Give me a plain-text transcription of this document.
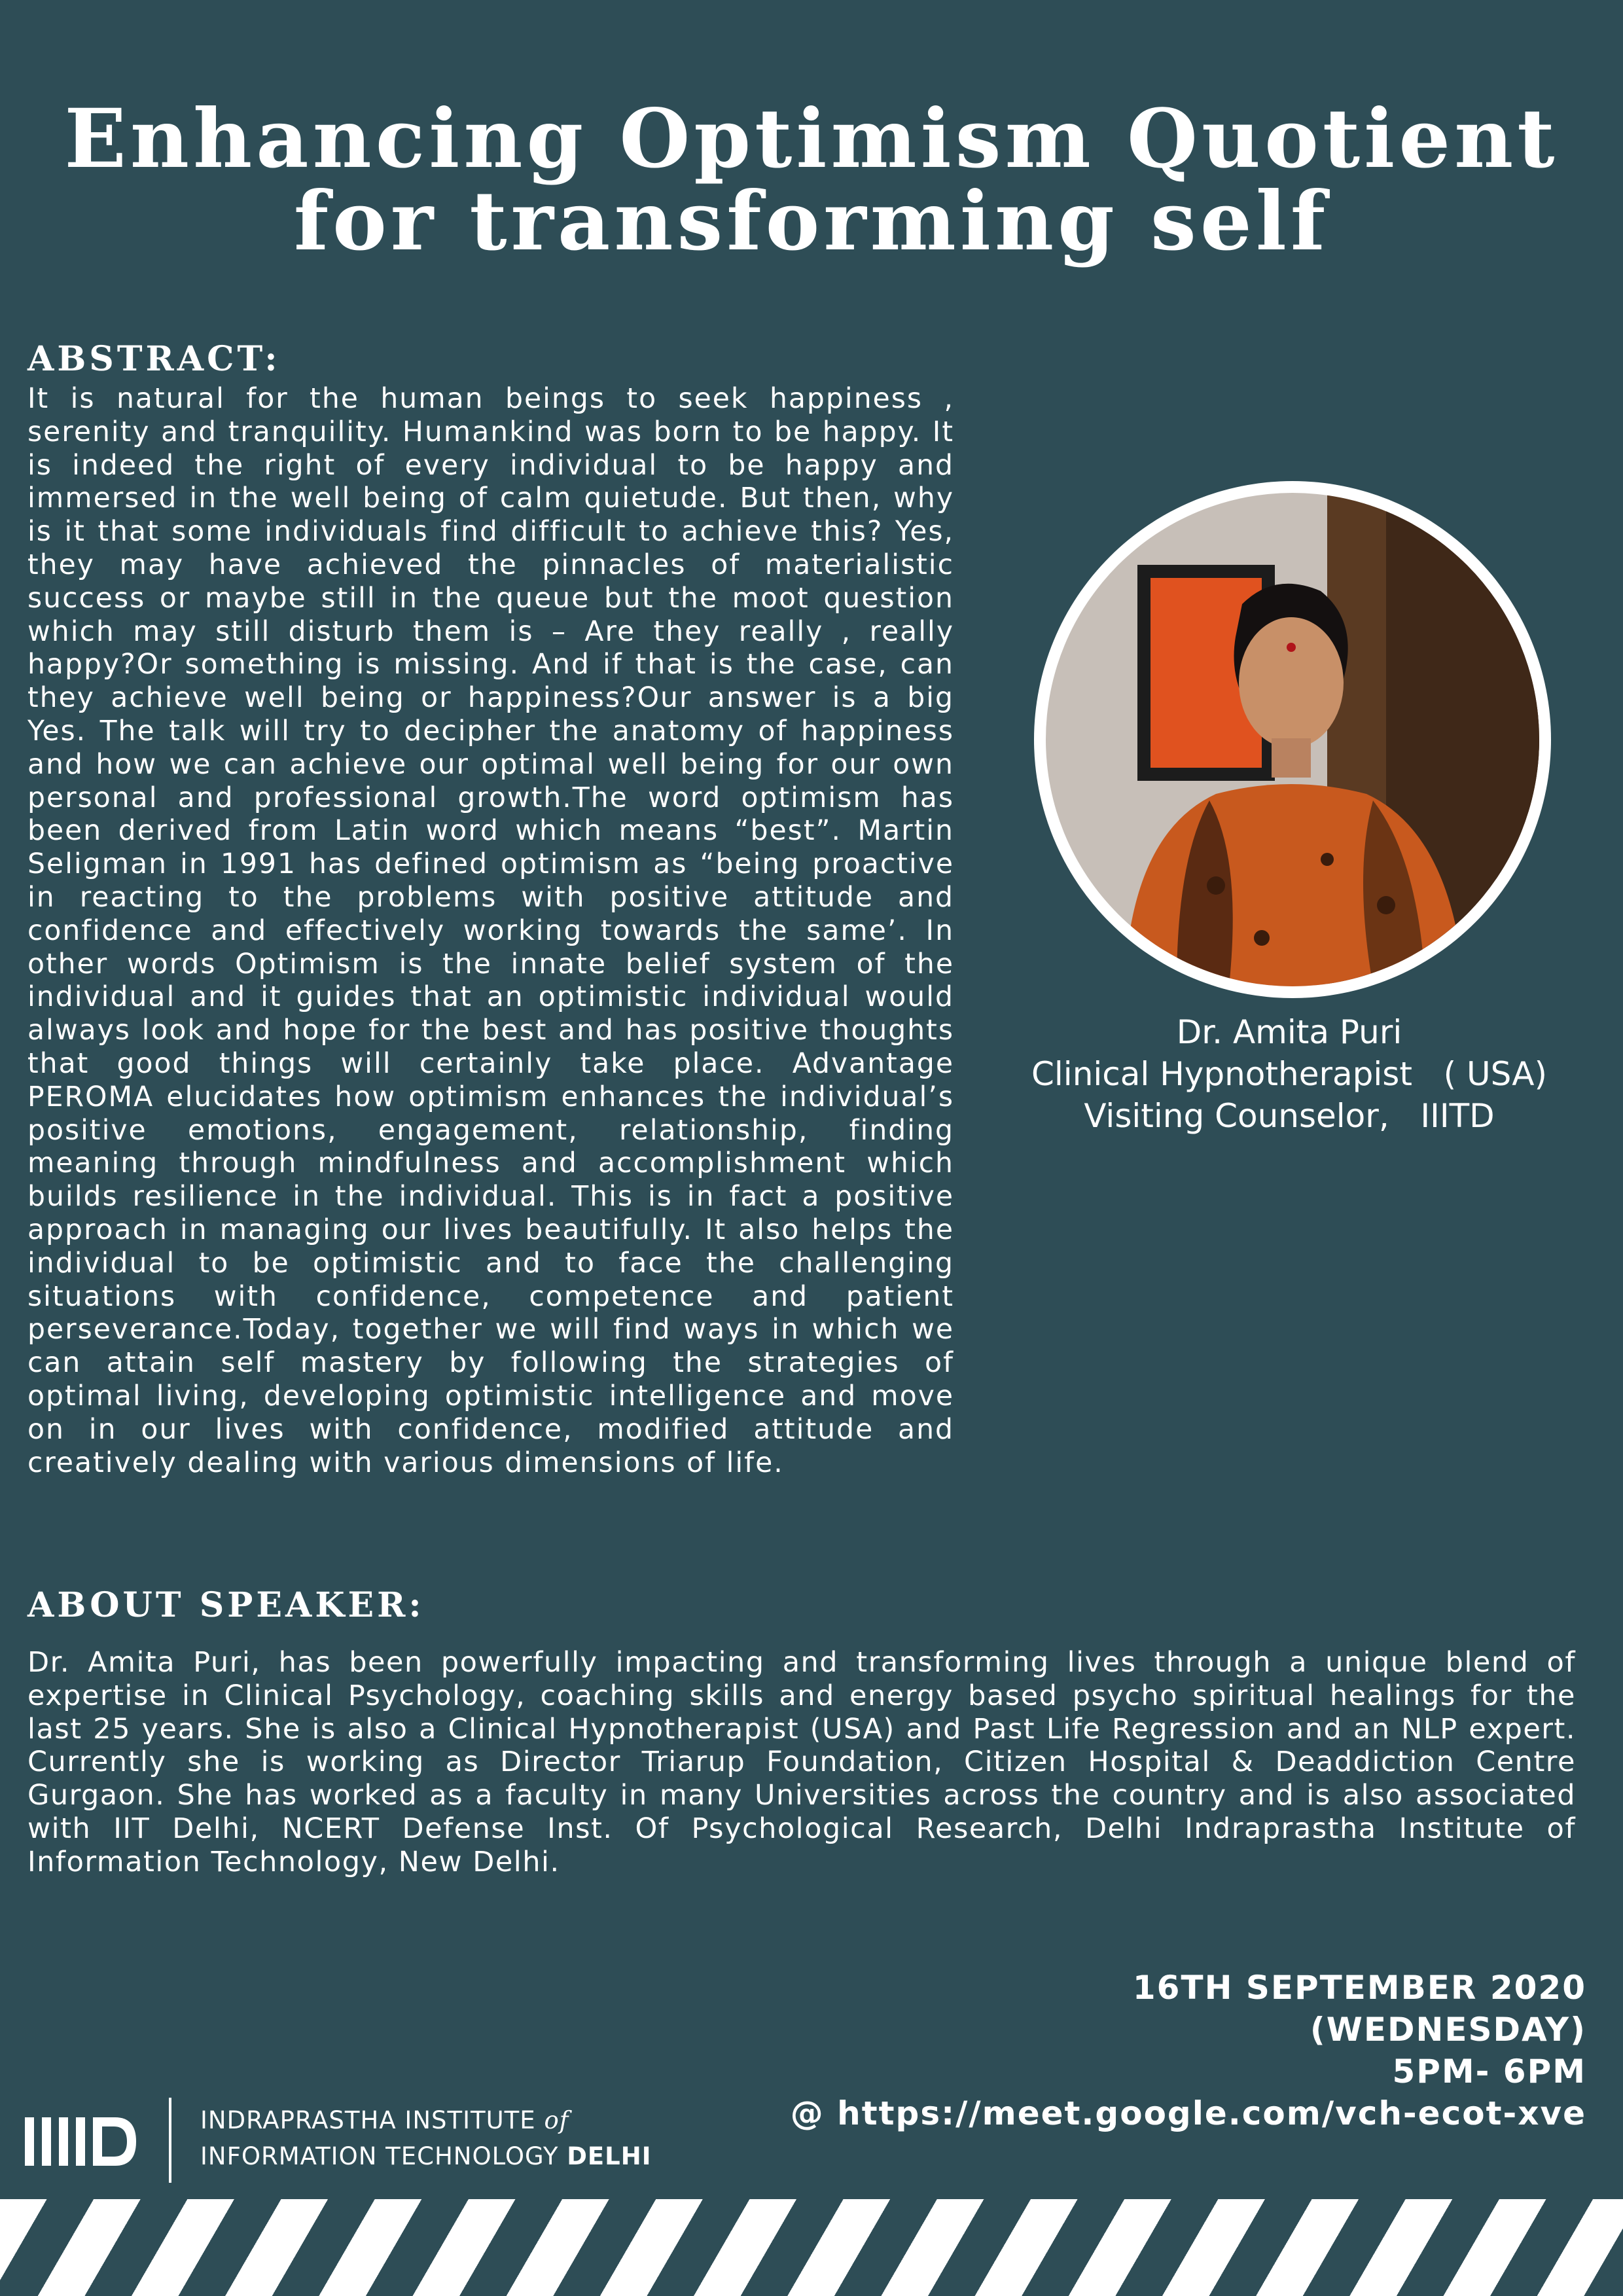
Enhancing Optimism Quotient
for transforming self
ABSTRACT:
It is natural for the human beings to seek happiness , serenity and tranquility. Humankind was born to be happy. It is indeed the right of every individual to be happy and immersed in the well being of calm quietude. But then, why is it that some individuals find difficult to achieve this? Yes, they may have achieved the pinnacles of materialistic success or maybe still in the queue but the moot question which may still disturb them is – Are they really , really happy?Or something is missing. And if that is the case, can they achieve well being or happiness?Our answer is a big Yes. The talk will try to decipher the anatomy of happiness and how we can achieve our optimal well being for our own personal and professional growth.The word optimism has been derived from Latin word which means “best”. Martin Seligman in 1991 has defined optimism as “being proactive in reacting to the problems with positive attitude and confidence and effectively working towards the same’. In other words Optimism is the innate belief system of the individual and it guides that an optimistic individual would always look and hope for the best and has positive thoughts that good things will certainly take place. Advantage PEROMA elucidates how optimism enhances the individual’s positive emotions, engagement, relationship, finding meaning through mindfulness and accomplishment which builds resilience in the individual. This is in fact a positive approach in managing our lives beautifully. It also helps the individual to be optimistic and to face the challenging situations with confidence, competence and patient perseverance.Today, together we will find ways in which we can attain self mastery by following the strategies of optimal living, developing optimistic intelligence and move on in our lives with confidence, modified attitude and creatively dealing with various dimensions of life.
Dr. Amita Puri
Clinical Hypnotherapist   ( USA)
Visiting Counselor,   IIITD
ABOUT SPEAKER:
Dr. Amita Puri, has been powerfully impacting and transforming lives through a unique blend of expertise in Clinical Psychology, coaching skills and energy based psycho spiritual healings for the last 25 years. She is also a Clinical Hypnotherapist (USA) and Past Life Regression and an NLP expert. Currently she is working as Director Triarup Foundation, Citizen Hospital & Deaddiction Centre Gurgaon. She has worked as a faculty in many Universities across the country and is also associated with IIT Delhi, NCERT Defense Inst. Of Psychological Research, Delhi Indraprastha Institute of Information Technology, New Delhi.
16TH SEPTEMBER 2020
(WEDNESDAY)
5PM- 6PM
@ https://meet.google.com/vch-ecot-xve
INDRAPRASTHA INSTITUTE of
INFORMATION TECHNOLOGY DELHI
